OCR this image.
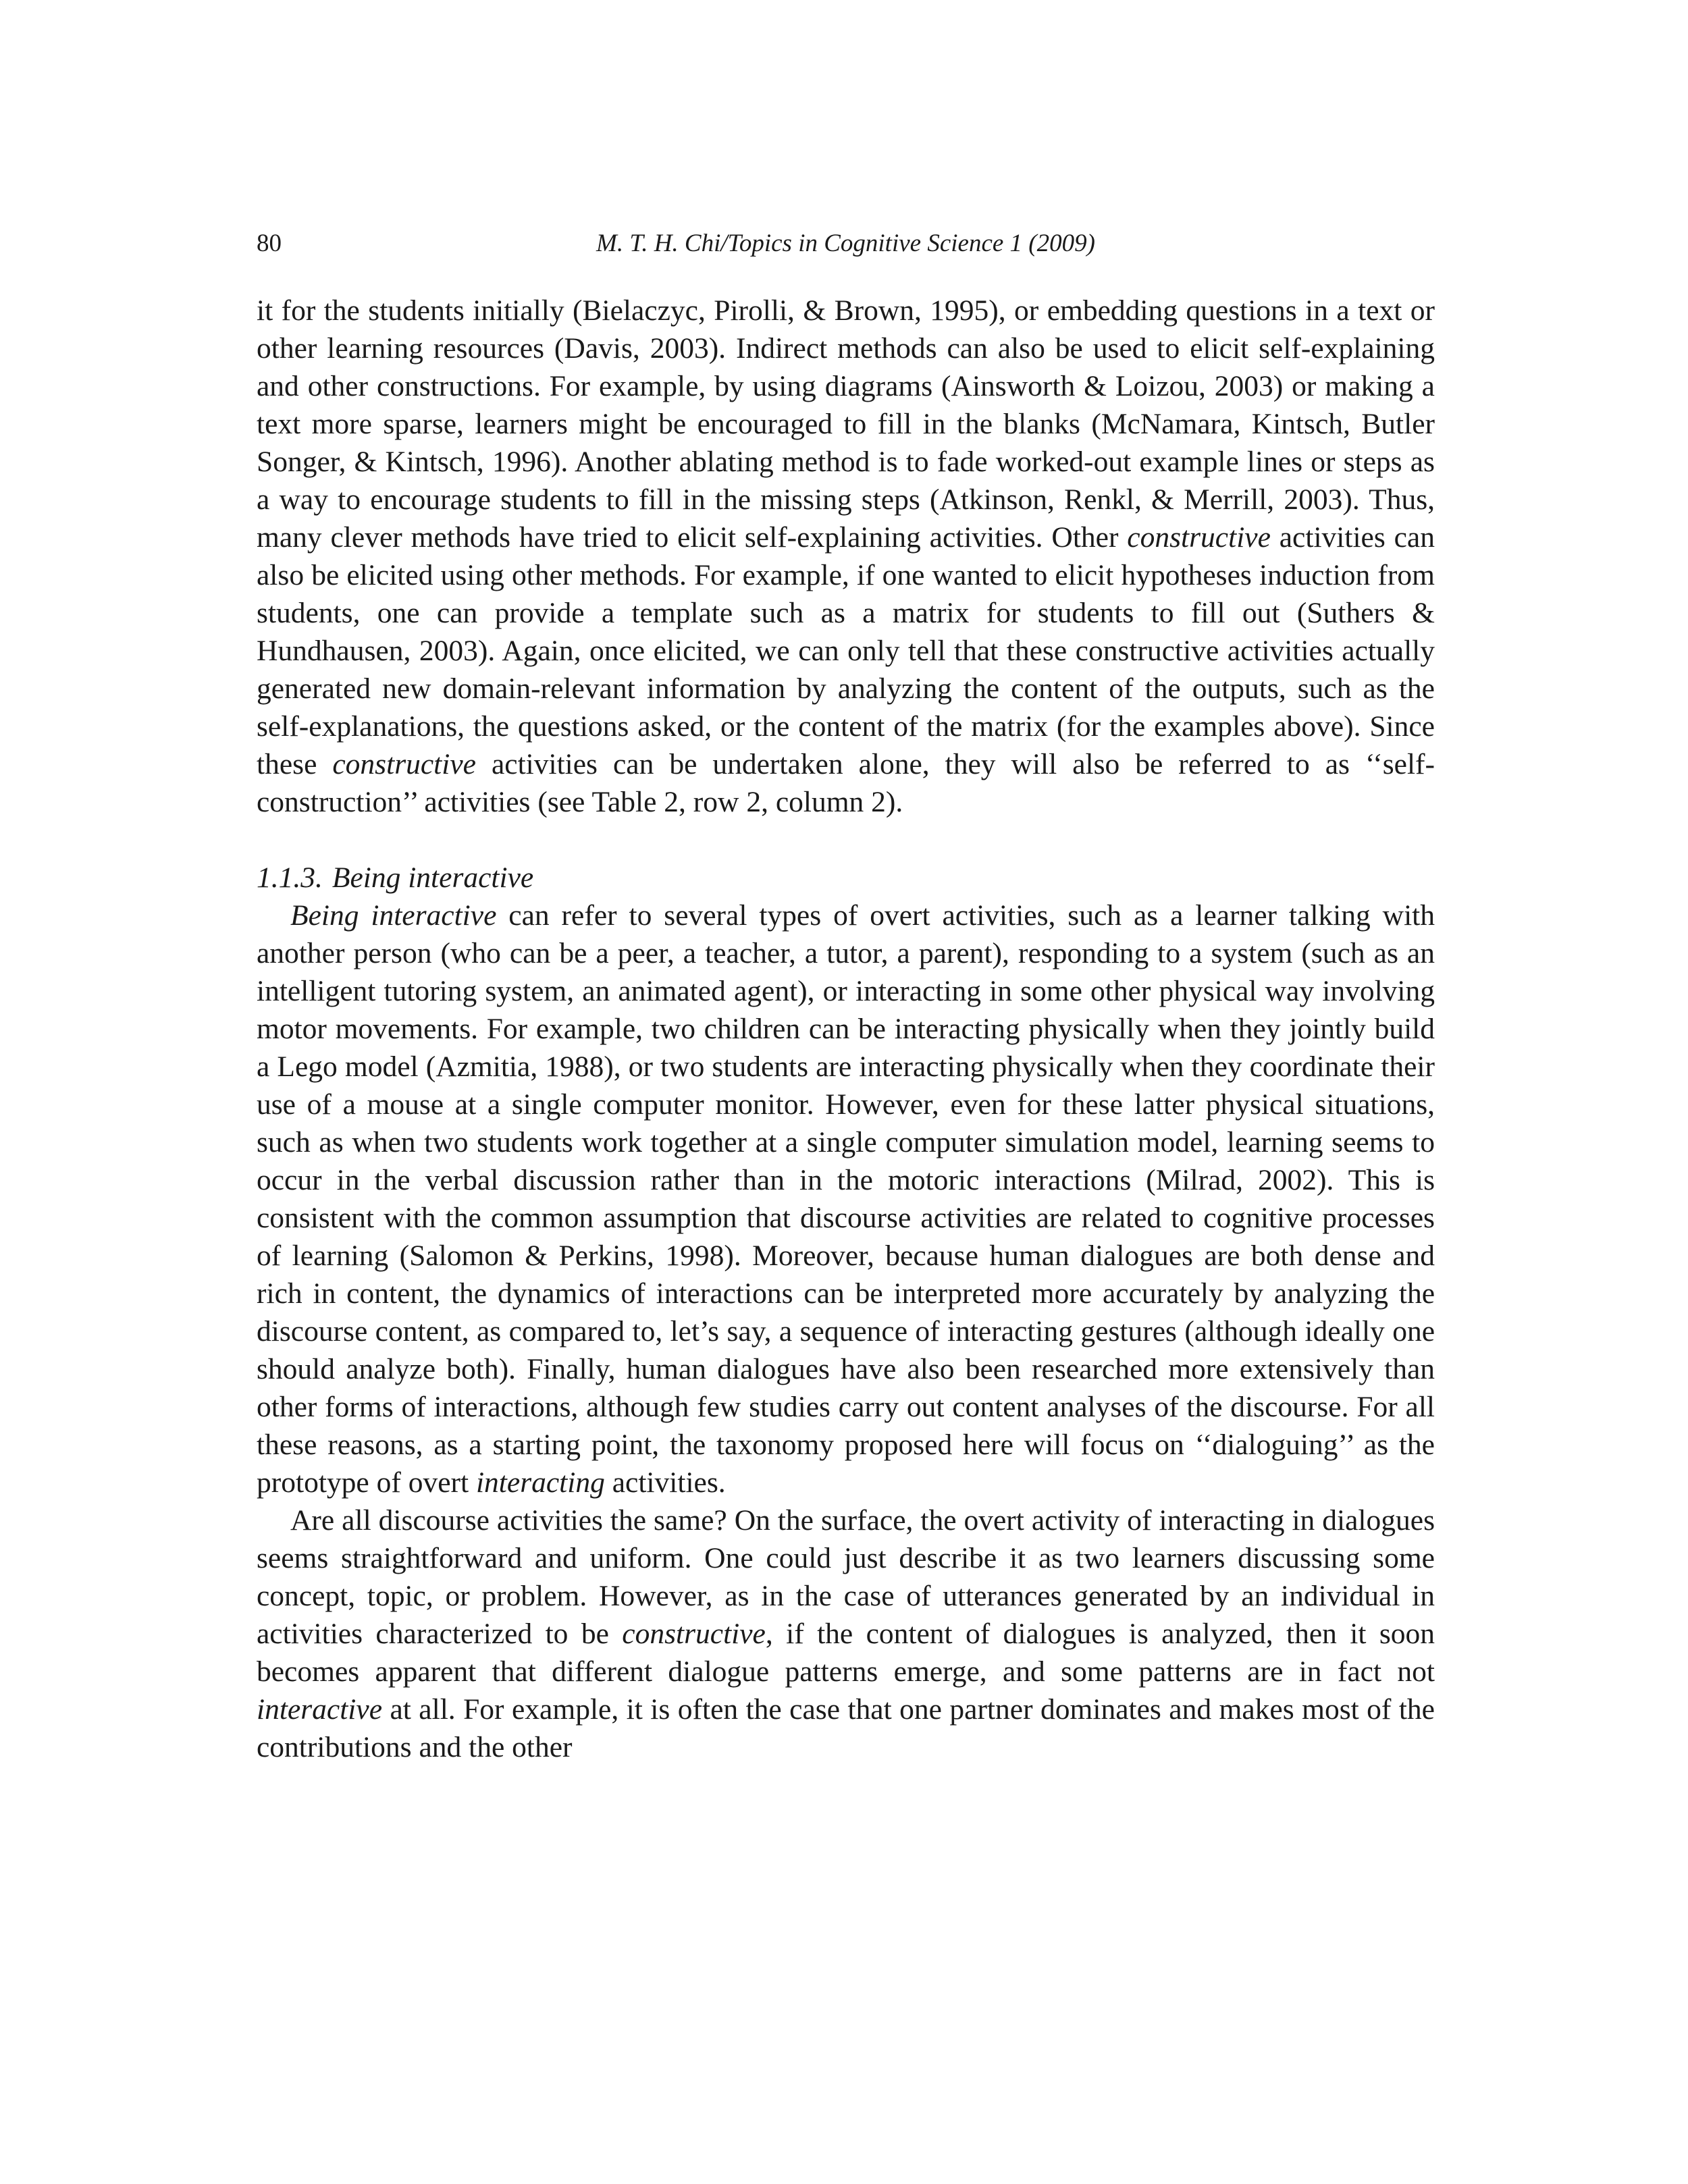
80	M. T. H. Chi/Topics in Cognitive Science 1 (2009)

it for the students initially (Bielaczyc, Pirolli, & Brown, 1995), or embedding questions in a text or other learning resources (Davis, 2003). Indirect methods can also be used to elicit self-explaining and other constructions. For example, by using diagrams (Ainsworth & Loizou, 2003) or making a text more sparse, learners might be encouraged to fill in the blanks (McNamara, Kintsch, Butler Songer, & Kintsch, 1996). Another ablating method is to fade worked-out example lines or steps as a way to encourage students to fill in the missing steps (Atkinson, Renkl, & Merrill, 2003). Thus, many clever methods have tried to elicit self-explaining activities. Other constructive activities can also be elicited using other methods. For example, if one wanted to elicit hypotheses induction from students, one can provide a template such as a matrix for students to fill out (Suthers & Hundhausen, 2003). Again, once elicited, we can only tell that these constructive activities actually generated new domain-relevant information by analyzing the content of the outputs, such as the self-explanations, the questions asked, or the content of the matrix (for the examples above). Since these constructive activities can be undertaken alone, they will also be referred to as ‘‘self-construction’’ activities (see Table 2, row 2, column 2).

1.1.3. Being interactive

Being interactive can refer to several types of overt activities, such as a learner talking with another person (who can be a peer, a teacher, a tutor, a parent), responding to a system (such as an intelligent tutoring system, an animated agent), or interacting in some other physical way involving motor movements. For example, two children can be interacting physically when they jointly build a Lego model (Azmitia, 1988), or two students are interacting physically when they coordinate their use of a mouse at a single computer monitor. However, even for these latter physical situations, such as when two students work together at a single computer simulation model, learning seems to occur in the verbal discussion rather than in the motoric interactions (Milrad, 2002). This is consistent with the common assumption that discourse activities are related to cognitive processes of learning (Salomon & Perkins, 1998). Moreover, because human dialogues are both dense and rich in content, the dynamics of interactions can be interpreted more accurately by analyzing the discourse content, as compared to, let’s say, a sequence of interacting gestures (although ideally one should analyze both). Finally, human dialogues have also been researched more extensively than other forms of interactions, although few studies carry out content analyses of the discourse. For all these reasons, as a starting point, the taxonomy proposed here will focus on ‘‘dialoguing’’ as the prototype of overt interacting activities.

Are all discourse activities the same? On the surface, the overt activity of interacting in dialogues seems straightforward and uniform. One could just describe it as two learners discussing some concept, topic, or problem. However, as in the case of utterances generated by an individual in activities characterized to be constructive, if the content of dialogues is analyzed, then it soon becomes apparent that different dialogue patterns emerge, and some patterns are in fact not interactive at all. For example, it is often the case that one partner dominates and makes most of the contributions and the other
